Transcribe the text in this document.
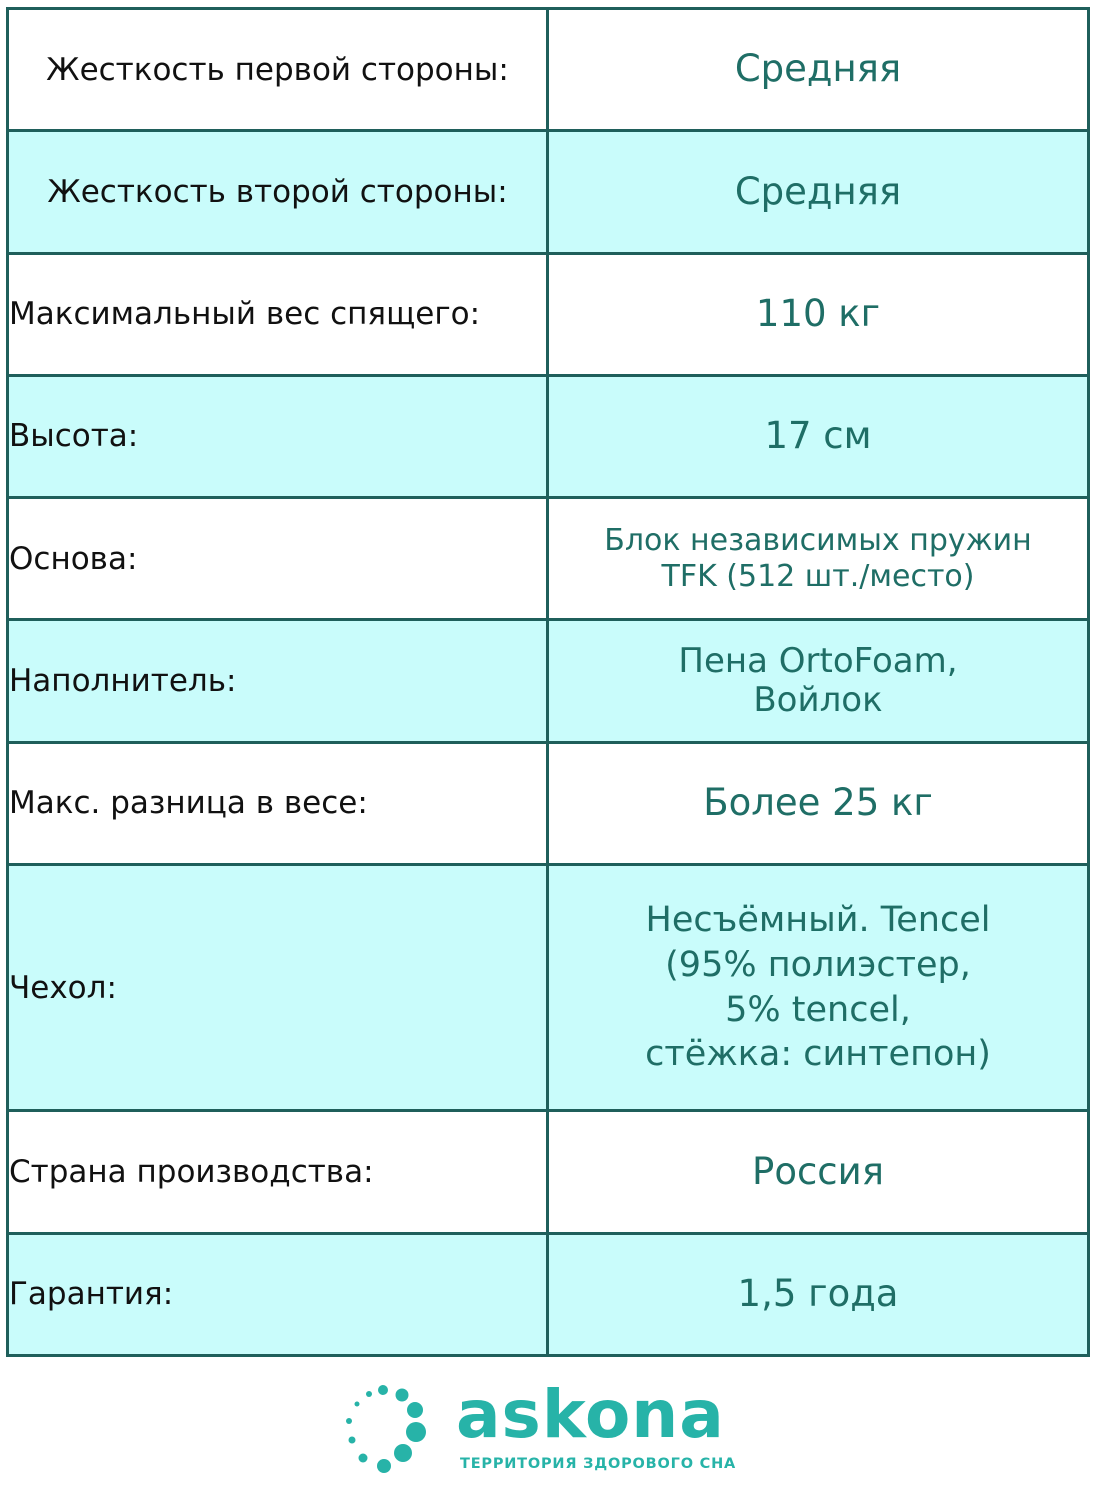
Жесткость первой стороны:	Средняя
Жесткость второй стороны:	Средняя
Максимальный вес спящего:	110 кг
Высота:	17 см
Основа:	Блок независимых пружин
TFK (512 шт./место)
Наполнитель:	Пена OrtoFoam,
Войлок
Макс. разница в весе:	Более 25 кг
Чехол:	Несъёмный. Tencel
(95% полиэстер,
5% tencel,
стёжка: синтепон)
Страна производства:	Россия
Гарантия:	1,5 года
askona
ТЕРРИТОРИЯ ЗДОРОВОГО СНА
